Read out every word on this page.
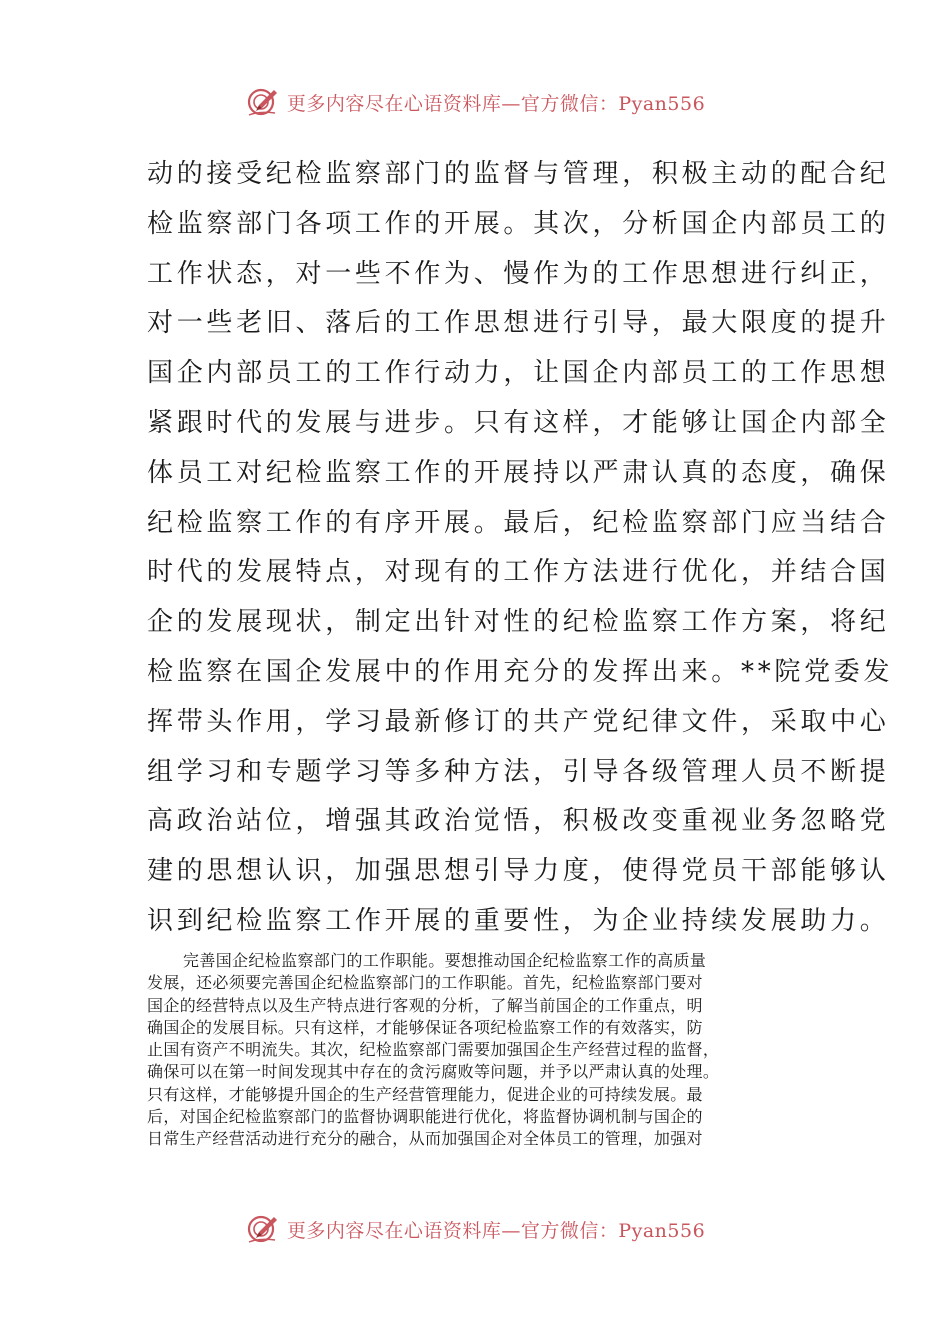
更多内容尽在心语资料库—官方微信：Pyan556
动的接受纪检监察部门的监督与管理，积极主动的配合纪
检监察部门各项工作的开展。其次，分析国企内部员工的
工作状态，对一些不作为、慢作为的工作思想进行纠正，
对一些老旧、落后的工作思想进行引导，最大限度的提升
国企内部员工的工作行动力，让国企内部员工的工作思想
紧跟时代的发展与进步。只有这样，才能够让国企内部全
体员工对纪检监察工作的开展持以严肃认真的态度，确保
纪检监察工作的有序开展。最后，纪检监察部门应当结合
时代的发展特点，对现有的工作方法进行优化，并结合国
企的发展现状，制定出针对性的纪检监察工作方案，将纪
检监察在国企发展中的作用充分的发挥出来。**院党委发
挥带头作用，学习最新修订的共产党纪律文件，采取中心
组学习和专题学习等多种方法，引导各级管理人员不断提
高政治站位，增强其政治觉悟，积极改变重视业务忽略党
建的思想认识，加强思想引导力度，使得党员干部能够认
识到纪检监察工作开展的重要性，为企业持续发展助力。
完善国企纪检监察部门的工作职能。要想推动国企纪检监察工作的高质量
发展，还必须要完善国企纪检监察部门的工作职能。首先，纪检监察部门要对
国企的经营特点以及生产特点进行客观的分析，了解当前国企的工作重点，明
确国企的发展目标。只有这样，才能够保证各项纪检监察工作的有效落实，防
止国有资产不明流失。其次，纪检监察部门需要加强国企生产经营过程的监督，
确保可以在第一时间发现其中存在的贪污腐败等问题，并予以严肃认真的处理。
只有这样，才能够提升国企的生产经营管理能力，促进企业的可持续发展。最
后，对国企纪检监察部门的监督协调职能进行优化，将监督协调机制与国企的
日常生产经营活动进行充分的融合，从而加强国企对全体员工的管理，加强对
更多内容尽在心语资料库—官方微信：Pyan556
